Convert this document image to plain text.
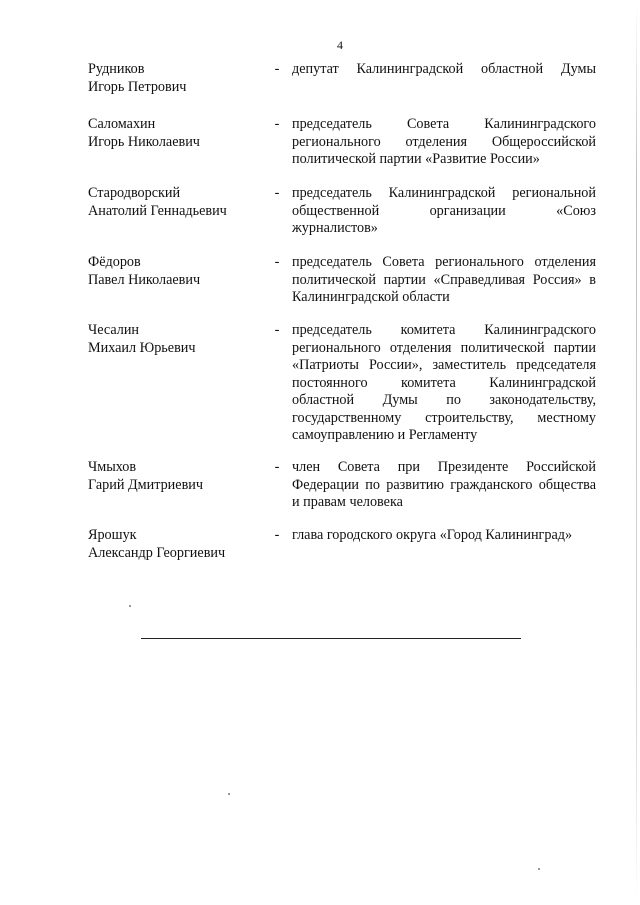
4
Рудников
Игорь Петрович
- депутат Калининградской областной Думы
Саломахин
Игорь Николаевич
- председатель Совета Калининградского
регионального отделения Общероссийской
политической партии «Развитие России»
Стародворский
Анатолий Геннадьевич
- председатель Калининградской региональной
общественной организации «Союз
журналистов»
Фёдоров
Павел Николаевич
- председатель Совета регионального отделения
политической партии «Справедливая Россия» в
Калининградской области
Чесалин
Михаил Юрьевич
- председатель комитета Калининградского
регионального отделения политической партии
«Патриоты России», заместитель председателя
постоянного комитета Калининградской
областной Думы по законодательству,
государственному строительству, местному
самоуправлению и Регламенту
Чмыхов
Гарий Дмитриевич
- член Совета при Президенте Российской
Федерации по развитию гражданского общества
и правам человека
Ярошук
Александр Георгиевич
- глава городского округа «Город Калининград»
